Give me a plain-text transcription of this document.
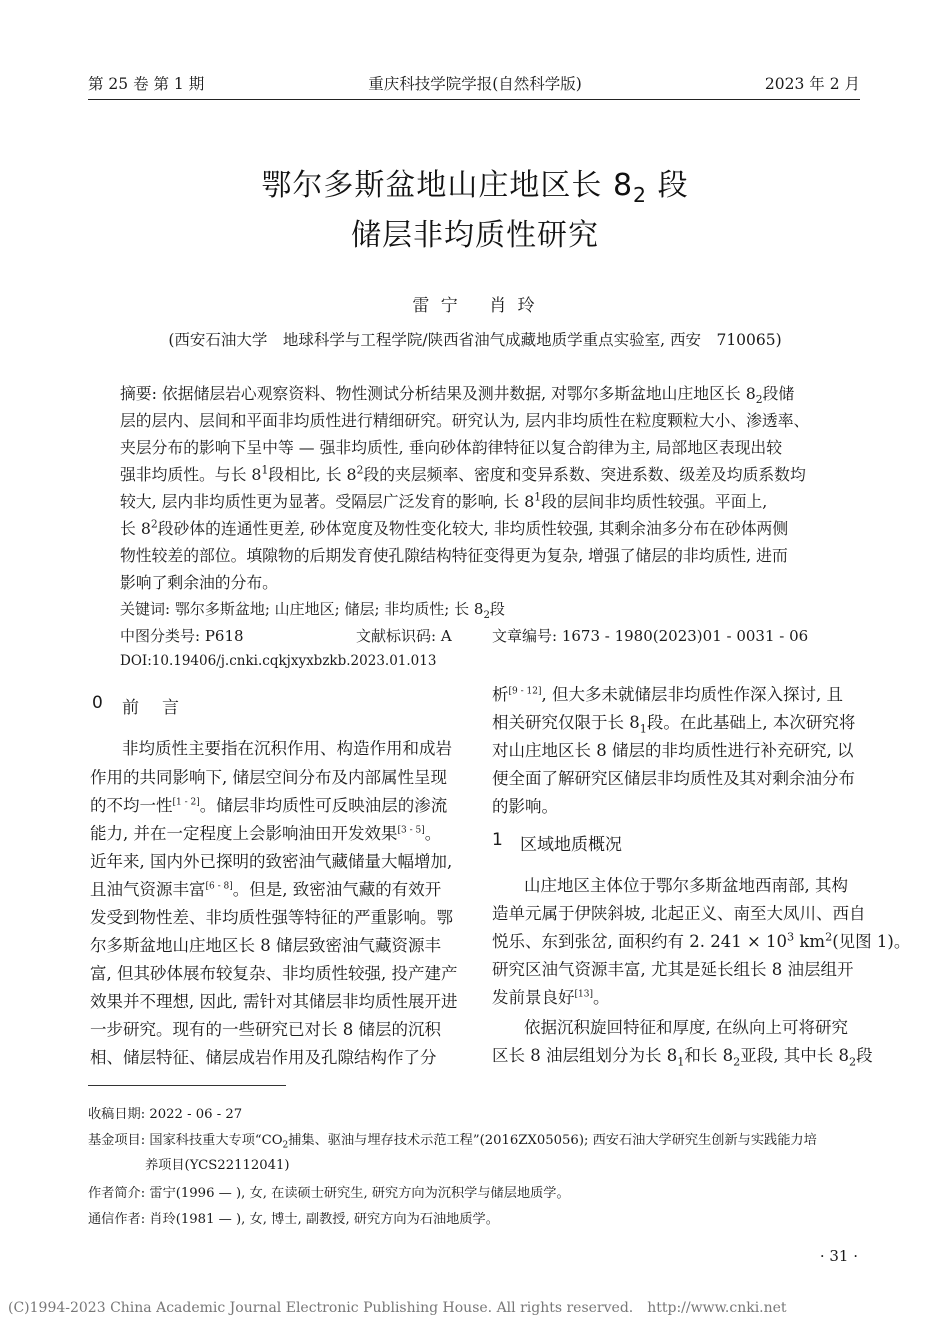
第 25 卷 第 1 期	重庆科技学院学报(自然科学版)	2023 年 2 月
鄂尔多斯盆地山庄地区长 $8_2$ 段
储层非均质性研究
雷 宁　 肖 玲
(西安石油大学　地球科学与工程学院/陕西省油气成藏地质学重点实验室, 西安　710065)
摘要: 依据储层岩心观察资料、物性测试分析结果及测井数据, 对鄂尔多斯盆地山庄地区长 $8_2$段储
层的层内、层间和平面非均质性进行精细研究。研究认为, 层内非均质性在粒度颗粒大小、渗透率、
夹层分布的影响下呈中等 — 强非均质性, 垂向砂体韵律特征以复合韵律为主, 局部地区表现出较
强非均质性。与长 $8^1$段相比, 长 $8^2$段的夹层频率、密度和变异系数、突进系数、级差及均质系数均
较大, 层内非均质性更为显著。受隔层广泛发育的影响, 长 $8^1$段的层间非均质性较强。平面上,
长 $8^2$段砂体的连通性更差, 砂体宽度及物性变化较大, 非均质性较强, 其剩余油多分布在砂体两侧
物性较差的部位。填隙物的后期发育使孔隙结构特征变得更为复杂, 增强了储层的非均质性, 进而
影响了剩余油的分布。
关键词: 鄂尔多斯盆地; 山庄地区; 储层; 非均质性; 长 $8_2$段
中图分类号: P618	文献标识码: A	文章编号: 1673 - 1980(2023)01 - 0031 - 06
DOI:10.19406/j.cnki.cqkjxyxbzkb.2023.01.013
0 前　言
非均质性主要指在沉积作用、构造作用和成岩
作用的共同影响下, 储层空间分布及内部属性呈现
的不均一性[1 - 2]。储层非均质性可反映油层的渗流
能力, 并在一定程度上会影响油田开发效果[3 - 5]。
近年来, 国内外已探明的致密油气藏储量大幅增加,
且油气资源丰富[6 - 8]。但是, 致密油气藏的有效开
发受到物性差、非均质性强等特征的严重影响。鄂
尔多斯盆地山庄地区长 8 储层致密油气藏资源丰
富, 但其砂体展布较复杂、非均质性较强, 投产建产
效果并不理想, 因此, 需针对其储层非均质性展开进
一步研究。现有的一些研究已对长 8 储层的沉积
相、储层特征、储层成岩作用及孔隙结构作了分
析[9 - 12], 但大多未就储层非均质性作深入探讨, 且
相关研究仅限于长 $8_1$段。在此基础上, 本次研究将
对山庄地区长 8 储层的非均质性进行补充研究, 以
便全面了解研究区储层非均质性及其对剩余油分布
的影响。
1 区域地质概况
山庄地区主体位于鄂尔多斯盆地西南部, 其构
造单元属于伊陕斜坡, 北起正义、南至大凤川、西自
悦乐、东到张岔, 面积约有 2. $241 \times 10^3$ $km^2$(见图 1)。
研究区油气资源丰富, 尤其是延长组长 8 油层组开
发前景良好[13]。
依据沉积旋回特征和厚度, 在纵向上可将研究
区长 8 油层组划分为长 $8_1$和长 $8_2$亚段, 其中长 $8_2$段
收稿日期: 2022 - 06 - 27
基金项目: 国家科技重大专项“$CO_2$捕集、驱油与埋存技术示范工程”(2016ZX05056); 西安石油大学研究生创新与实践能力培
养项目(YCS22112041)
作者简介: 雷宁(1996 — ), 女, 在读硕士研究生, 研究方向为沉积学与储层地质学。
通信作者: 肖玲(1981 — ), 女, 博士, 副教授, 研究方向为石油地质学。
· 31 ·
(C)1994-2023 China Academic Journal Electronic Publishing House. All rights reserved.　http://www.cnki.net
